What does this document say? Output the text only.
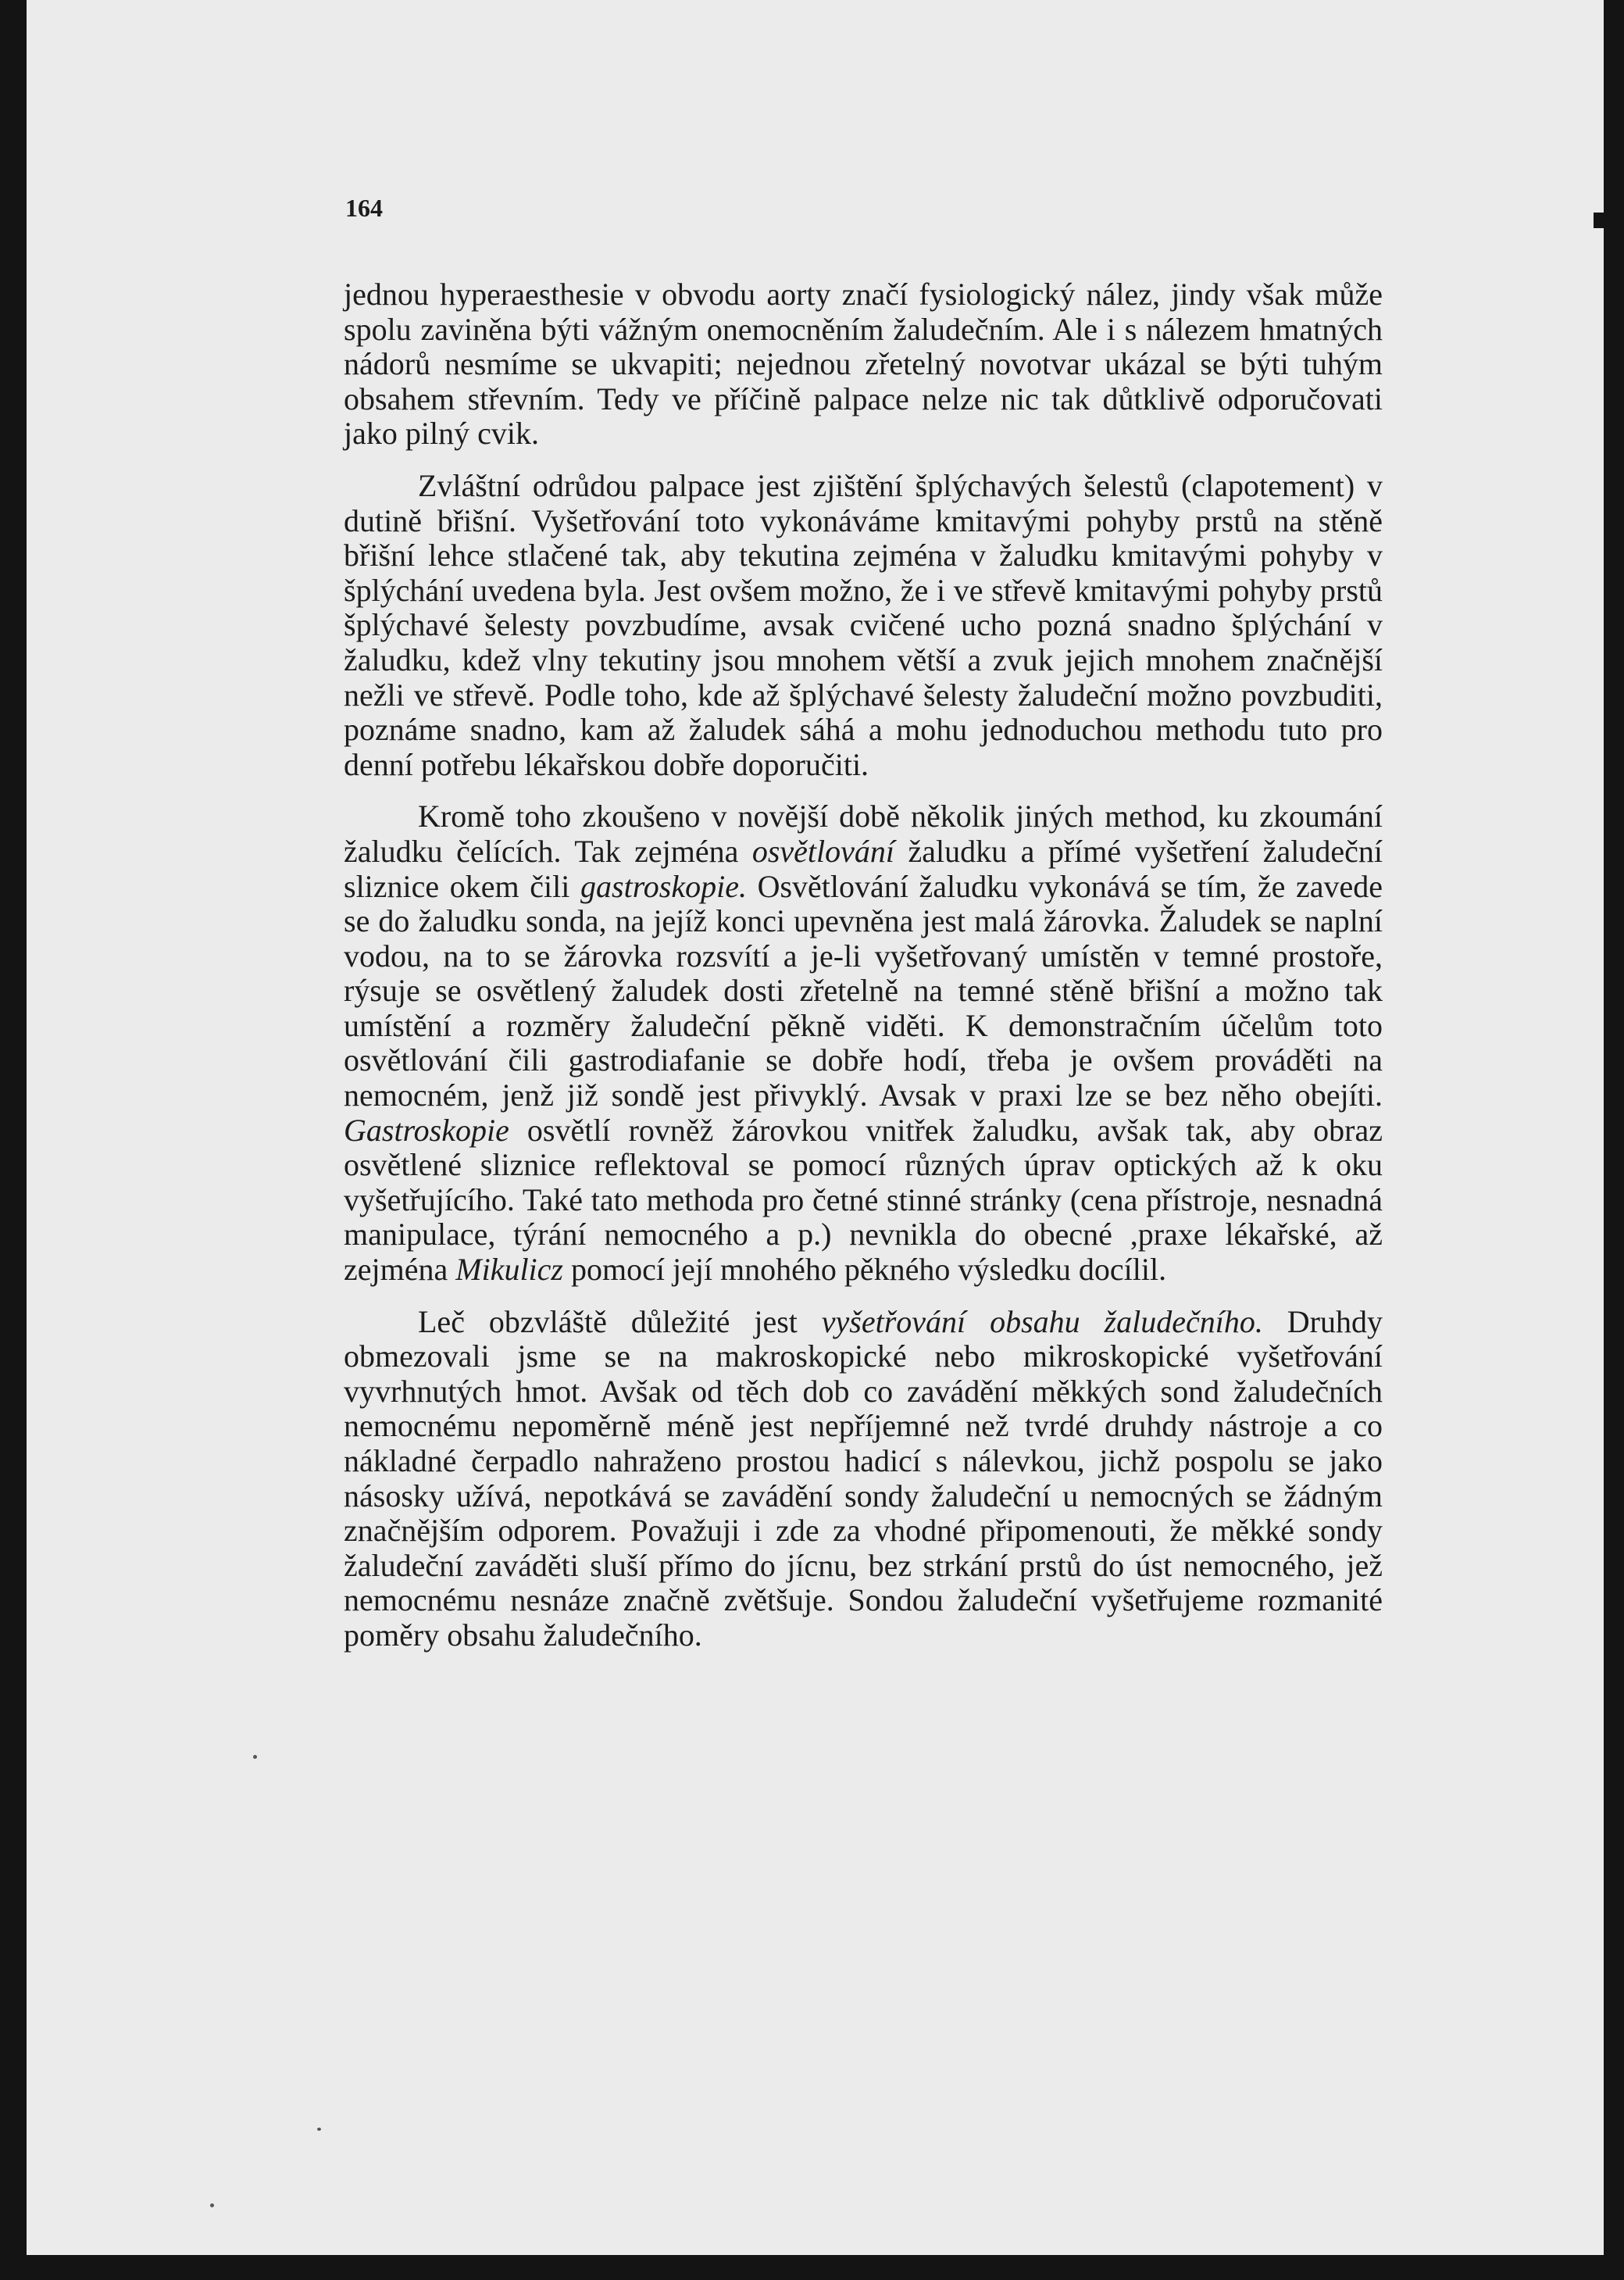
164

jednou hyperaesthesie v obvodu aorty značí fysiologický nález, jindy však může spolu zaviněna býti vážným onemocněním žaludečním. Ale i s nálezem hmatných nádorů nesmíme se ukvapiti; nejednou zřetelný novotvar ukázal se býti tuhým obsahem střevním. Tedy ve příčině palpace nelze nic tak důtklivě odporučovati jako pilný cvik.

Zvláštní odrůdou palpace jest zjištění šplýchavých šelestů (clapotement) v dutině břišní. Vyšetřování toto vykonáváme kmitavými pohyby prstů na stěně břišní lehce stlačené tak, aby tekutina zejména v žaludku kmitavými pohyby v šplýchání uvedena byla. Jest ovšem možno, že i ve střevě kmitavými pohyby prstů šplýchavé šelesty povzbudíme, avsak cvičené ucho pozná snadno šplýchání v žaludku, kdež vlny tekutiny jsou mnohem větší a zvuk jejich mnohem značnější nežli ve střevě. Podle toho, kde až šplýchavé šelesty žaludeční možno povzbuditi, poznáme snadno, kam až žaludek sáhá a mohu jednoduchou methodu tuto pro denní potřebu lékařskou dobře doporučiti.

Kromě toho zkoušeno v novější době několik jiných method, ku zkoumání žaludku čelících. Tak zejména osvětlování žaludku a přímé vyšetření žaludeční sliznice okem čili gastroskopie. Osvětlování žaludku vykonává se tím, že zavede se do žaludku sonda, na jejíž konci upevněna jest malá žárovka. Žaludek se naplní vodou, na to se žárovka rozsvítí a je-li vyšetřovaný umístěn v temné prostoře, rýsuje se osvětlený žaludek dosti zřetelně na temné stěně břišní a možno tak umístění a rozměry žaludeční pěkně viděti. K demonstračním účelům toto osvětlování čili gastrodiafanie se dobře hodí, třeba je ovšem prováděti na nemocném, jenž již sondě jest přivyklý. Avsak v praxi lze se bez něho obejíti. Gastroskopie osvětlí rovněž žárovkou vnitřek žaludku, avšak tak, aby obraz osvětlené sliznice reflektoval se pomocí různých úprav optických až k oku vyšetřujícího. Také tato methoda pro četné stinné stránky (cena přístroje, nesnadná manipulace, týrání nemocného a p.) nevnikla do obecné ,praxe lékařské, až zejména Mikulicz pomocí její mnohého pěkného výsledku docílil.

Leč obzvláště důležité jest vyšetřování obsahu žaludečního. Druhdy obmezovali jsme se na makroskopické nebo mikroskopické vyšetřování vyvrhnutých hmot. Avšak od těch dob co zavádění měkkých sond žaludečních nemocnému nepoměrně méně jest nepříjemné než tvrdé druhdy nástroje a co nákladné čerpadlo nahraženo prostou hadicí s nálevkou, jichž pospolu se jako násosky užívá, nepotkává se zavádění sondy žaludeční u nemocných se žádným značnějším odporem. Považuji i zde za vhodné připomenouti, že měkké sondy žaludeční zaváděti sluší přímo do jícnu, bez strkání prstů do úst nemocného, jež nemocnému nesnáze značně zvětšuje. Sondou žaludeční vyšetřujeme rozmanité poměry obsahu žaludečního.
